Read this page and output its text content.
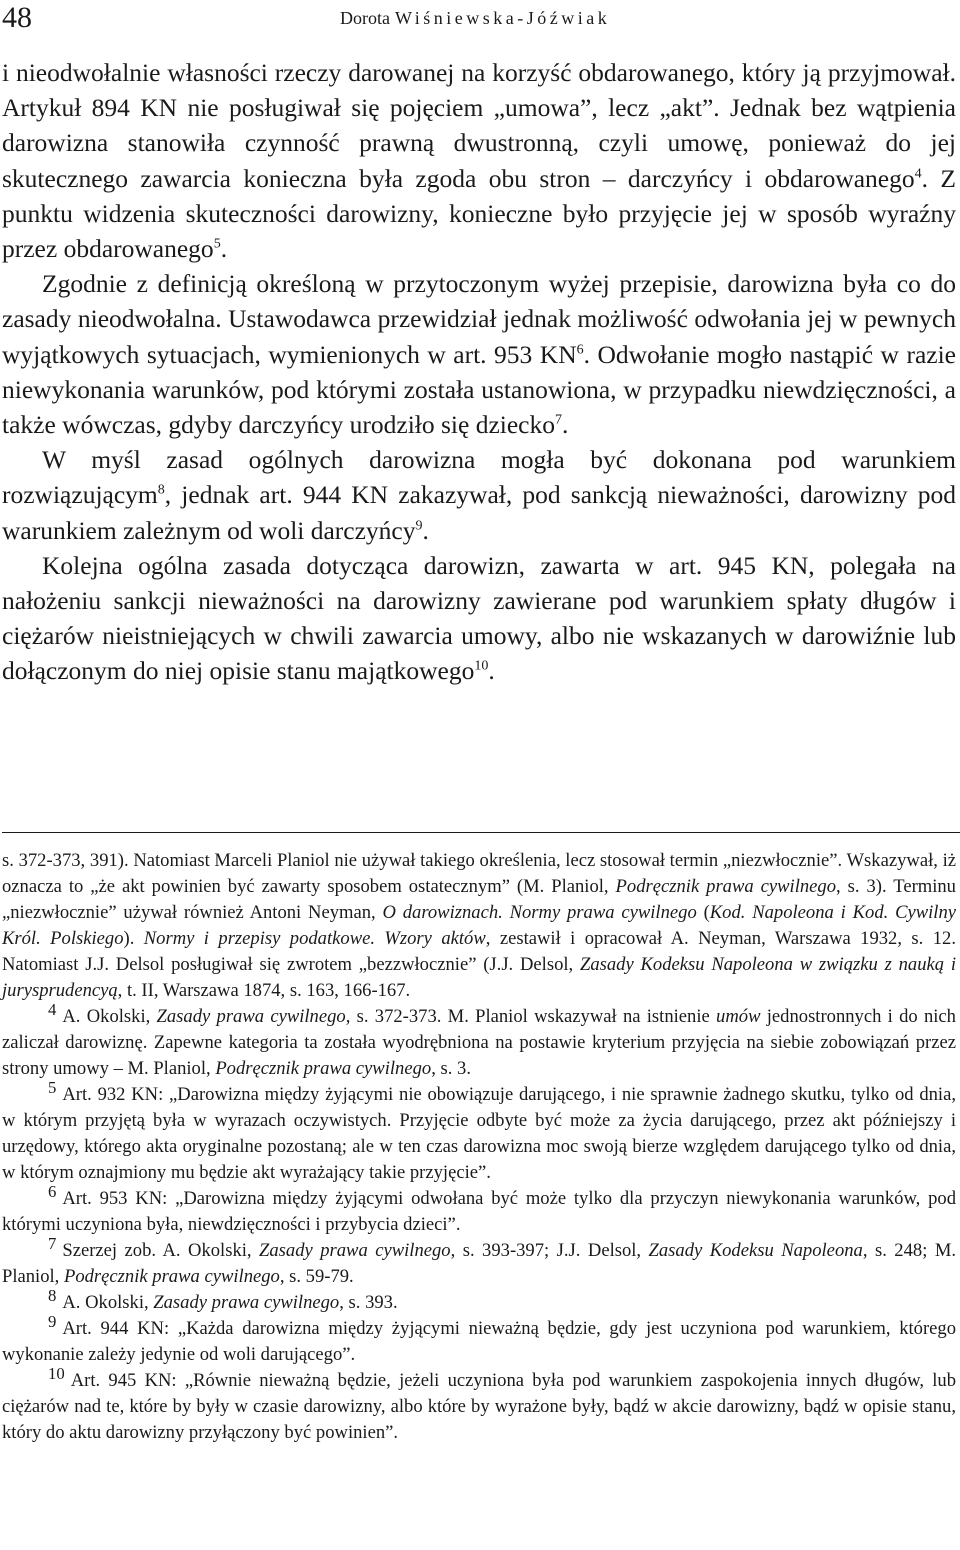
48	Dorota Wiśniewska-Jóźwiak

i nieodwołalnie własności rzeczy darowanej na korzyść obdarowanego, który ją przyjmował. Artykuł 894 KN nie posługiwał się pojęciem „umowa”, lecz „akt”. Jednak bez wątpienia darowizna stanowiła czynność prawną dwustronną, czyli umowę, ponieważ do jej skutecznego zawarcia konieczna była zgoda obu stron – darczyńcy i obdarowanego$^4$. Z punktu widzenia skuteczności darowizny, konieczne było przyjęcie jej w sposób wyraźny przez obdarowanego$^5$.

Zgodnie z definicją określoną w przytoczonym wyżej przepisie, darowizna była co do zasady nieodwołalna. Ustawodawca przewidział jednak możliwość odwołania jej w pewnych wyjątkowych sytuacjach, wymienionych w art. 953 $KN^6$. Odwołanie mogło nastąpić w razie niewykonania warunków, pod którymi została ustanowiona, w przypadku niewdzięczności, a także wówczas, gdyby darczyńcy urodziło się dziecko$^7$.

W myśl zasad ogólnych darowizna mogła być dokonana pod warunkiem rozwiązującym$^8$, jednak art. 944 KN zakazywał, pod sankcją nieważności, darowizny pod warunkiem zależnym od woli darczyńcy$^9$.

Kolejna ogólna zasada dotycząca darowizn, zawarta w art. 945 KN, polegała na nałożeniu sankcji nieważności na darowizny zawierane pod warunkiem spłaty długów i ciężarów nieistniejących w chwili zawarcia umowy, albo nie wskazanych w darowiźnie lub dołączonym do niej opisie stanu majątkowego$^{10}$.

s. 372-373, 391). Natomiast Marceli Planiol nie używał takiego określenia, lecz stosował termin „niezwłocznie”. Wskazywał, iż oznacza to „że akt powinien być zawarty sposobem ostatecznym” (M. Planiol, Podręcznik prawa cywilnego, s. 3). Terminu „niezwłocznie” używał również Antoni Neyman, O darowiznach. Normy prawa cywilnego (Kod. Napoleona i Kod. Cywilny Król. Polskiego). Normy i przepisy podatkowe. Wzory aktów, zestawił i opracował A. Neyman, Warszawa 1932, s. 12. Natomiast J.J. Delsol posługiwał się zwrotem „bezzwłocznie” (J.J. Delsol, Zasady Kodeksu Napoleona w związku z nauką i jurysprudencyą, t. II, Warszawa 1874, s. 163, 166-167.

4 A. Okolski, Zasady prawa cywilnego, s. 372-373. M. Planiol wskazywał na istnienie umów jednostronnych i do nich zaliczał darowiznę. Zapewne kategoria ta została wyodrębniona na postawie kryterium przyjęcia na siebie zobowiązań przez strony umowy – M. Planiol, Podręcznik prawa cywilnego, s. 3.

5 Art. 932 KN: „Darowizna między żyjącymi nie obowiązuje darującego, i nie sprawnie żadnego skutku, tylko od dnia, w którym przyjętą była w wyrazach oczywistych. Przyjęcie odbyte być może za życia darującego, przez akt późniejszy i urzędowy, którego akta oryginalne pozostaną; ale w ten czas darowizna moc swoją bierze względem darującego tylko od dnia, w którym oznajmiony mu będzie akt wyrażający takie przyjęcie”.

6 Art. 953 KN: „Darowizna między żyjącymi odwołana być może tylko dla przyczyn niewykonania warunków, pod którymi uczyniona była, niewdzięczności i przybycia dzieci”.

7 Szerzej zob. A. Okolski, Zasady prawa cywilnego, s. 393-397; J.J. Delsol, Zasady Kodeksu Napoleona, s. 248; M. Planiol, Podręcznik prawa cywilnego, s. 59-79.

8 A. Okolski, Zasady prawa cywilnego, s. 393.

9 Art. 944 KN: „Każda darowizna między żyjącymi nieważną będzie, gdy jest uczyniona pod warunkiem, którego wykonanie zależy jedynie od woli darującego”.

10 Art. 945 KN: „Równie nieważną będzie, jeżeli uczyniona była pod warunkiem zaspokojenia innych długów, lub ciężarów nad te, które by były w czasie darowizny, albo które by wyrażone były, bądź w akcie darowizny, bądź w opisie stanu, który do aktu darowizny przyłączony być powinien”.
